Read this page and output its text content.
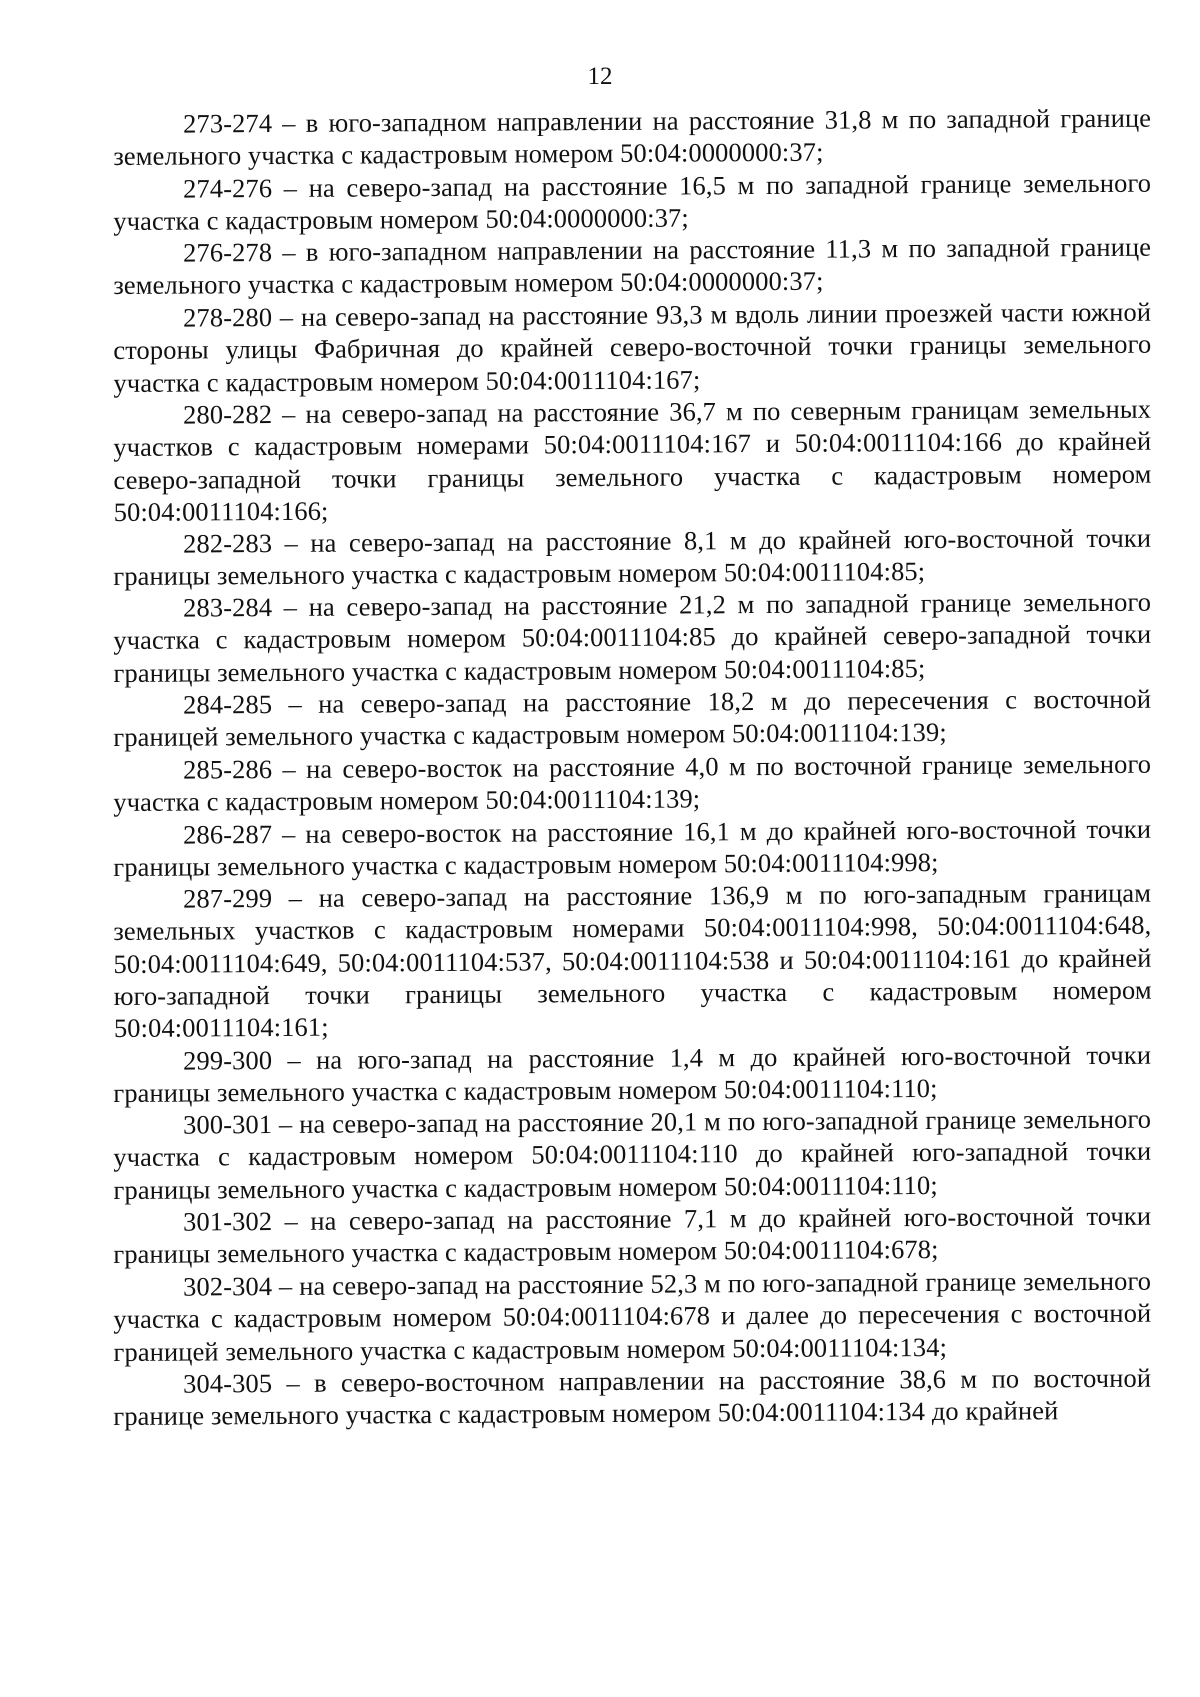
12

273-274 – в юго-западном направлении на расстояние 31,8 м по западной границе земельного участка с кадастровым номером 50:04:0000000:37;

274-276 – на северо-запад на расстояние 16,5 м по западной границе земельного участка с кадастровым номером 50:04:0000000:37;

276-278 – в юго-западном направлении на расстояние 11,3 м по западной границе земельного участка с кадастровым номером 50:04:0000000:37;

278-280 – на северо-запад на расстояние 93,3 м вдоль линии проезжей части южной стороны улицы Фабричная до крайней северо-восточной точки границы земельного участка с кадастровым номером 50:04:0011104:167;

280-282 – на северо-запад на расстояние 36,7 м по северным границам земельных участков с кадастровым номерами 50:04:0011104:167 и 50:04:0011104:166 до крайней северо-западной точки границы земельного участка с кадастровым номером 50:04:0011104:166;

282-283 – на северо-запад на расстояние 8,1 м до крайней юго-восточной точки границы земельного участка с кадастровым номером 50:04:0011104:85;

283-284 – на северо-запад на расстояние 21,2 м по западной границе земельного участка с кадастровым номером 50:04:0011104:85 до крайней северо-западной точки границы земельного участка с кадастровым номером 50:04:0011104:85;

284-285 – на северо-запад на расстояние 18,2 м до пересечения с восточной границей земельного участка с кадастровым номером 50:04:0011104:139;

285-286 – на северо-восток на расстояние 4,0 м по восточной границе земельного участка с кадастровым номером 50:04:0011104:139;

286-287 – на северо-восток на расстояние 16,1 м до крайней юго-восточной точки границы земельного участка с кадастровым номером 50:04:0011104:998;

287-299 – на северо-запад на расстояние 136,9 м по юго-западным границам земельных участков с кадастровым номерами 50:04:0011104:998, 50:04:0011104:648, 50:04:0011104:649, 50:04:0011104:537, 50:04:0011104:538 и 50:04:0011104:161 до крайней юго-западной точки границы земельного участка с кадастровым номером 50:04:0011104:161;

299-300 – на юго-запад на расстояние 1,4 м до крайней юго-восточной точки границы земельного участка с кадастровым номером 50:04:0011104:110;

300-301 – на северо-запад на расстояние 20,1 м по юго-западной границе земельного участка с кадастровым номером 50:04:0011104:110 до крайней юго-западной точки границы земельного участка с кадастровым номером 50:04:0011104:110;

301-302 – на северо-запад на расстояние 7,1 м до крайней юго-восточной точки границы земельного участка с кадастровым номером 50:04:0011104:678;

302-304 – на северо-запад на расстояние 52,3 м по юго-западной границе земельного участка с кадастровым номером 50:04:0011104:678 и далее до пересечения с восточной границей земельного участка с кадастровым номером 50:04:0011104:134;

304-305 – в северо-восточном направлении на расстояние 38,6 м по восточной границе земельного участка с кадастровым номером 50:04:0011104:134 до крайней
